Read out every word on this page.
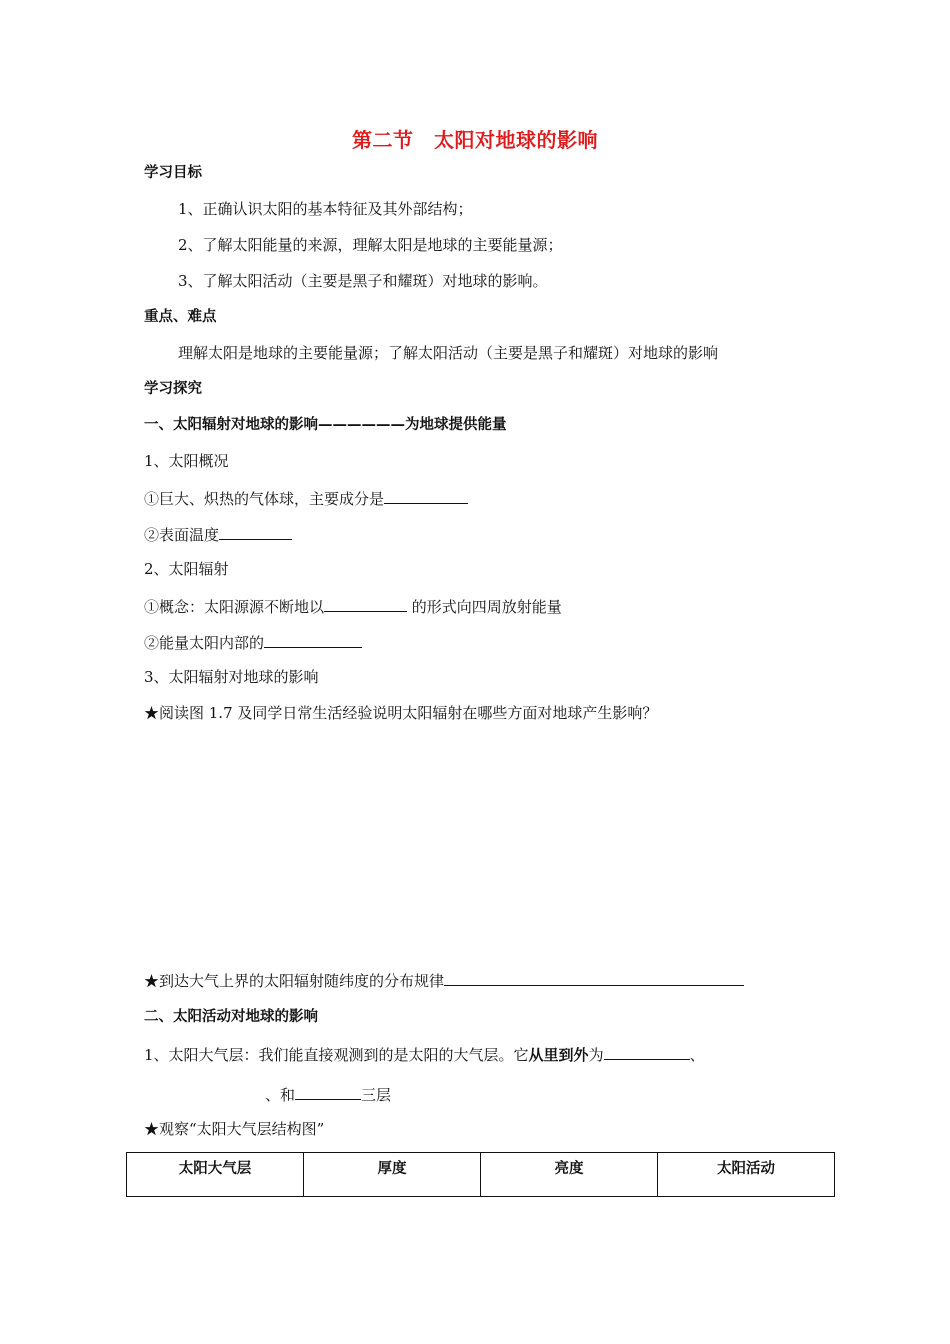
第二节　太阳对地球的影响
学习目标
1、正确认识太阳的基本特征及其外部结构；
2、了解太阳能量的来源，理解太阳是地球的主要能量源；
3、了解太阳活动（主要是黑子和耀斑）对地球的影响。
重点、难点
理解太阳是地球的主要能量源；了解太阳活动（主要是黑子和耀斑）对地球的影响
学习探究
一、太阳辐射对地球的影响——————为地球提供能量
1、太阳概况
①巨大、炽热的气体球，主要成分是
②表面温度
2、太阳辐射
①概念：太阳源源不断地以	的形式向四周放射能量
②能量太阳内部的
3、太阳辐射对地球的影响
★阅读图 1.7 及同学日常生活经验说明太阳辐射在哪些方面对地球产生影响？
★到达大气上界的太阳辐射随纬度的分布规律
二、太阳活动对地球的影响
1、太阳大气层：我们能直接观测到的是太阳的大气层。它从里到外为	、
、和	三层
★观察“太阳大气层结构图”
太阳大气层	厚度	亮度	太阳活动
